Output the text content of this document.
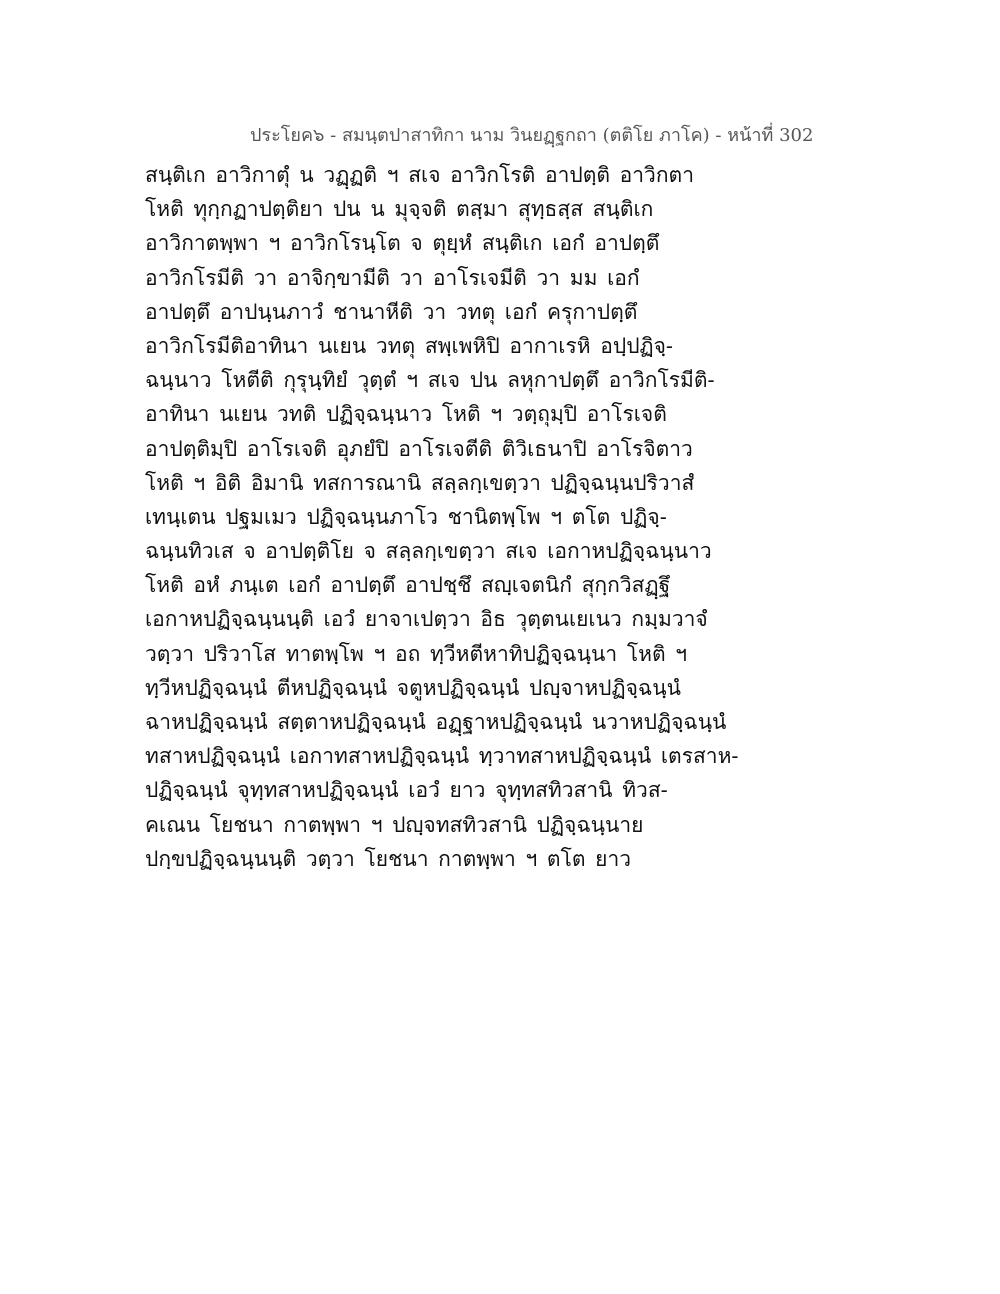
ประโยค๖ - สมนฺตปาสาทิกา นาม วินยฏฺฐกถา (ตติโย ภาโค) - หน้าที่ 302
สนฺติเก อาวิกาตุํ น วฏฺฏติ ฯ สเจ อาวิกโรติ อาปตฺติ อาวิกตา
โหติ ทุกฺกฏาปตฺติยา ปน น มุจฺจติ ตสฺมา สุทฺธสฺส สนฺติเก
อาวิกาตพฺพา ฯ อาวิกโรนฺโต จ ตุยฺหํ สนฺติเก เอกํ อาปตฺตึ
อาวิกโรมีติ วา อาจิกฺขามีติ วา อาโรเจมีติ วา มม เอกํ
อาปตฺตึ อาปนฺนภาวํ ชานาหีติ วา วทตุ เอกํ ครุกาปตฺตึ
อาวิกโรมีติอาทินา นเยน วทตุ สพฺเพหิปิ อากาเรหิ อปฺปฏิจฺ-
ฉนฺนาว โหตีติ กุรุนฺทิยํ วุตฺตํ ฯ สเจ ปน ลหุกาปตฺตึ อาวิกโรมีติ-
อาทินา นเยน วทติ ปฏิจฺฉนฺนาว โหติ ฯ วตฺถุมฺปิ อาโรเจติ
อาปตฺติมฺปิ อาโรเจติ อุภยํปิ อาโรเจตีติ ติวิเธนาปิ อาโรจิตาว
โหติ ฯ อิติ อิมานิ ทสการณานิ สลฺลกฺเขตฺวา ปฏิจฺฉนฺนปริวาสํ
เทนฺเตน ปฐมเมว ปฏิจฺฉนฺนภาโว ชานิตพฺโพ ฯ ตโต ปฏิจฺ-
ฉนฺนทิวเส จ อาปตฺติโย จ สลฺลกฺเขตฺวา สเจ เอกาหปฏิจฺฉนฺนาว
โหติ อหํ ภนฺเต เอกํ อาปตฺตึ อาปชฺชึ สญฺเจตนิกํ สุกฺกวิสฏฺฐึ
เอกาหปฏิจฺฉนฺนนฺติ เอวํ ยาจาเปตฺวา อิธ วุตฺตนเยเนว กมฺมวาจํ
วตฺวา ปริวาโส ทาตพฺโพ ฯ อถ ทฺวีหตีหาทิปฏิจฺฉนฺนา โหติ ฯ
ทฺวีหปฏิจฺฉนฺนํ ตีหปฏิจฺฉนฺนํ จตูหปฏิจฺฉนฺนํ ปญฺจาหปฏิจฺฉนฺนํ
ฉาหปฏิจฺฉนฺนํ สตฺตาหปฏิจฺฉนฺนํ อฏฺฐาหปฏิจฺฉนฺนํ นวาหปฏิจฺฉนฺนํ
ทสาหปฏิจฺฉนฺนํ เอกาทสาหปฏิจฺฉนฺนํ ทฺวาทสาหปฏิจฺฉนฺนํ เตรสาห-
ปฏิจฺฉนฺนํ จุทฺทสาหปฏิจฺฉนฺนํ เอวํ ยาว จุทฺทสทิวสานิ ทิวส-
คเณน โยชนา กาตพฺพา ฯ ปญฺจทสทิวสานิ ปฏิจฺฉนฺนาย
ปกฺขปฏิจฺฉนฺนนฺติ วตฺวา โยชนา กาตพฺพา ฯ ตโต ยาว
